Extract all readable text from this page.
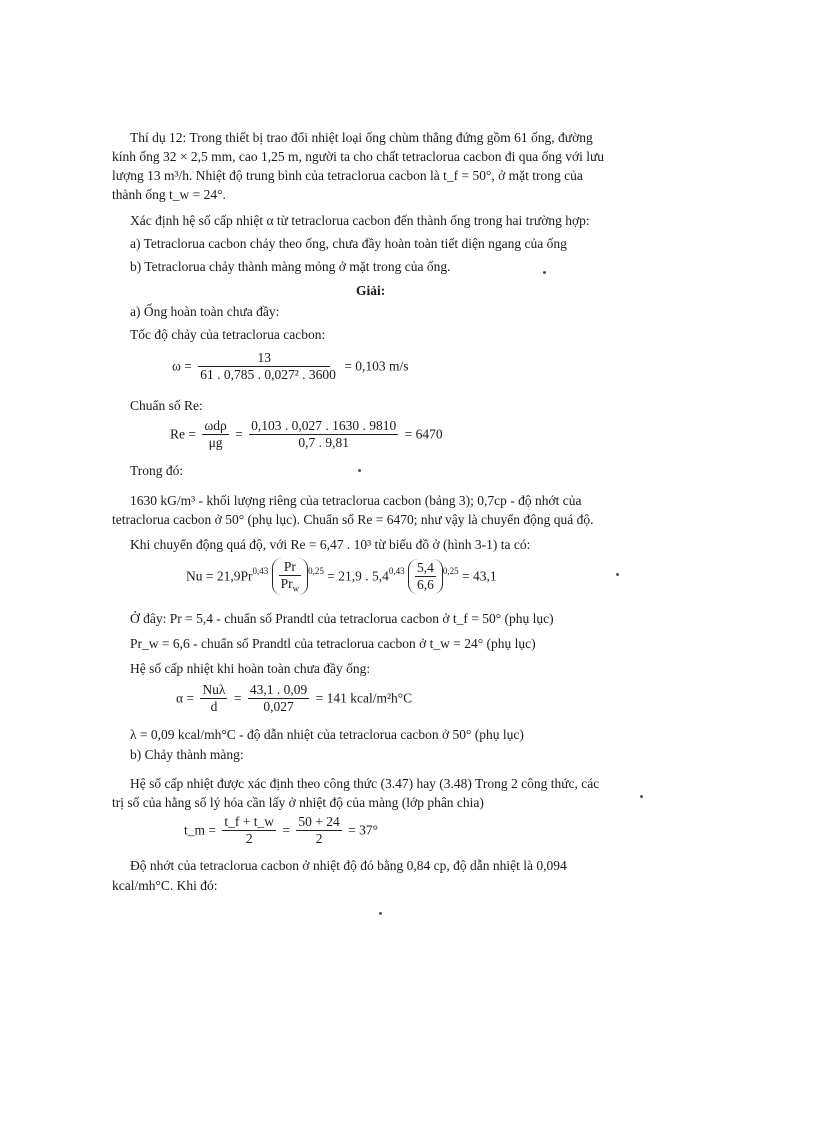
Thí dụ 12: Trong thiết bị trao đổi nhiệt loại ống chùm thẳng đứng gồm 61 ống, đường
kính ống 32 × 2,5 mm, cao 1,25 m, người ta cho chất tetraclorua cacbon đi qua ống với lưu
lượng 13 m³/h. Nhiệt độ trung bình của tetraclorua cacbon là t_f = 50°, ở mặt trong của
thành ống t_w = 24°.
Xác định hệ số cấp nhiệt α từ tetraclorua cacbon đến thành ống trong hai trường hợp:
a) Tetraclorua cacbon chảy theo ống, chưa đầy hoàn toàn tiết diện ngang của ống
b) Tetraclorua chảy thành màng mỏng ở mặt trong của ống.
Giải:
a) Ống hoàn toàn chưa đầy:
Tốc độ chảy của tetraclorua cacbon:
$\omega = \frac{13}{\text{61 . 0,785 . 0,027² . 3600}} = 0,103$ m/s
Chuẩn số Re:
$Re = \frac{\text{ωdρ}}{\mu g} = \frac{0,103 . 0,027 . 1630 . 9810}{0,7 . 9,81} = 6470$
Trong đó:
1630 kG/m³ - khối lượng riêng của tetraclorua cacbon (bảng 3); 0,7cp - độ nhớt của
tetraclorua cacbon ở 50° (phụ lục). Chuẩn số Re = 6470; như vậy là chuyển động quá độ.
Khi chuyển động quá độ, với Re = 6,47 . 10³ từ biểu đồ ở (hình 3-1) ta có:
$Nu = 21,9Pr^{0,43} \frac{Pr}{Pr_w} ^{0,25} = 21,9$ . $5,4^{0,43} \frac{5,4}{6,6} ^{0,25} = 43,1$
Ở đây: Pr = 5,4 - chuẩn số Prandtl của tetraclorua cacbon ở t_f = 50° (phụ lục)
Pr_w = 6,6 - chuẩn số Prandtl của tetraclorua cacbon ở t_w = 24° (phụ lục)
Hệ số cấp nhiệt khi hoàn toàn chưa đầy ống:
$\alpha = \frac{\text{Nuλ}}{d} = \frac{43,1 . 0,09}{0,027} = 141$ kcal/m²h°C
λ = 0,09 kcal/mh°C - độ dẫn nhiệt của tetraclorua cacbon ở 50° (phụ lục)
b) Chảy thành màng:
Hệ số cấp nhiệt được xác định theo công thức (3.47) hay (3.48) Trong 2 công thức, các
trị số của hằng số lý hóa cần lấy ở nhiệt độ của màng (lớp phân chia)
t_m = $\frac{t\_f + t\_w}{2} = \frac{50 + 24}{2} = 37^\circ$
Độ nhớt của tetraclorua cacbon ở nhiệt độ đó bằng 0,84 cp, độ dẫn nhiệt là 0,094
kcal/mh°C. Khi đó:
